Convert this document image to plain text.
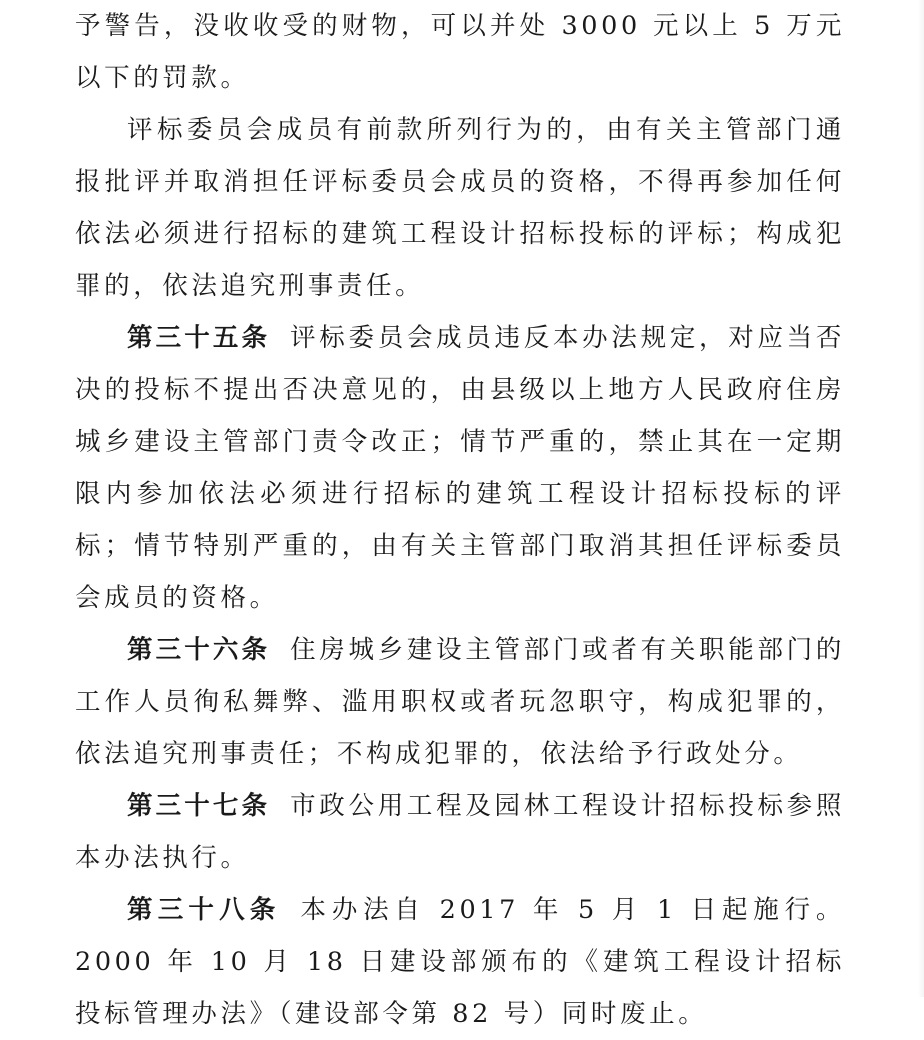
予警告，没收收受的财物，可以并处 3000 元以上 5 万元以下的罚款。

评标委员会成员有前款所列行为的，由有关主管部门通报批评并取消担任评标委员会成员的资格，不得再参加任何依法必须进行招标的建筑工程设计招标投标的评标；构成犯罪的，依法追究刑事责任。

第三十五条 评标委员会成员违反本办法规定，对应当否决的投标不提出否决意见的，由县级以上地方人民政府住房城乡建设主管部门责令改正；情节严重的，禁止其在一定期限内参加依法必须进行招标的建筑工程设计招标投标的评标；情节特别严重的，由有关主管部门取消其担任评标委员会成员的资格。

第三十六条 住房城乡建设主管部门或者有关职能部门的工作人员徇私舞弊、滥用职权或者玩忽职守，构成犯罪的，依法追究刑事责任；不构成犯罪的，依法给予行政处分。

第三十七条 市政公用工程及园林工程设计招标投标参照本办法执行。

第三十八条 本办法自 2017 年 5 月 1 日起施行。2000 年 10 月 18 日建设部颁布的《建筑工程设计招标投标管理办法》（建设部令第 82 号）同时废止。
